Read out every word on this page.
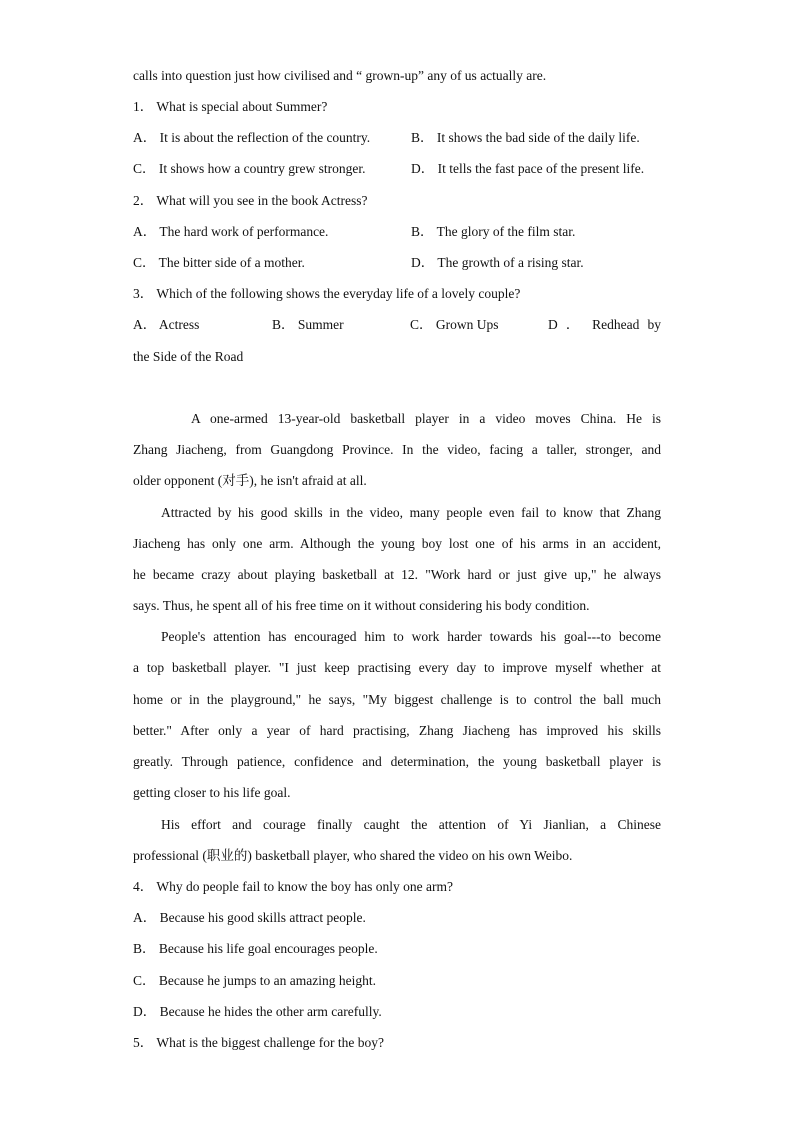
calls into question just how civilised and “ grown-up” any of us actually are.
1． What is special about Summer?
A． It is about the reflection of the country.	B． It shows the bad side of the daily life.
C． It shows how a country grew stronger.	D． It tells the fast pace of the present life.
2． What will you see in the book Actress?
A． The hard work of performance.	B． The glory of the film star.
C． The bitter side of a mother.	D． The growth of a rising star.
3． Which of the following shows the everyday life of a lovely couple?
A． Actress	B． Summer	C． Grown Ups	D ． Redhead by
the Side of the Road
A one-armed 13-year-old basketball player in a video moves China. He is
Zhang Jiacheng, from Guangdong Province. In the video, facing a taller, stronger, and
older opponent (对手), he isn't afraid at all.
Attracted by his good skills in the video, many people even fail to know that Zhang
Jiacheng has only one arm. Although the young boy lost one of his arms in an accident,
he became crazy about playing basketball at 12. "Work hard or just give up," he always
says. Thus, he spent all of his free time on it without considering his body condition.
People's attention has encouraged him to work harder towards his goal---to become
a top basketball player. "I just keep practising every day to improve myself whether at
home or in the playground," he says, "My biggest challenge is to control the ball much
better." After only a year of hard practising, Zhang Jiacheng has improved his skills
greatly. Through patience, confidence and determination, the young basketball player is
getting closer to his life goal.
His effort and courage finally caught the attention of Yi Jianlian, a Chinese
professional (职业的) basketball player, who shared the video on his own Weibo.
4． Why do people fail to know the boy has only one arm?
A． Because his good skills attract people.
B． Because his life goal encourages people.
C． Because he jumps to an amazing height.
D． Because he hides the other arm carefully.
5． What is the biggest challenge for the boy?
